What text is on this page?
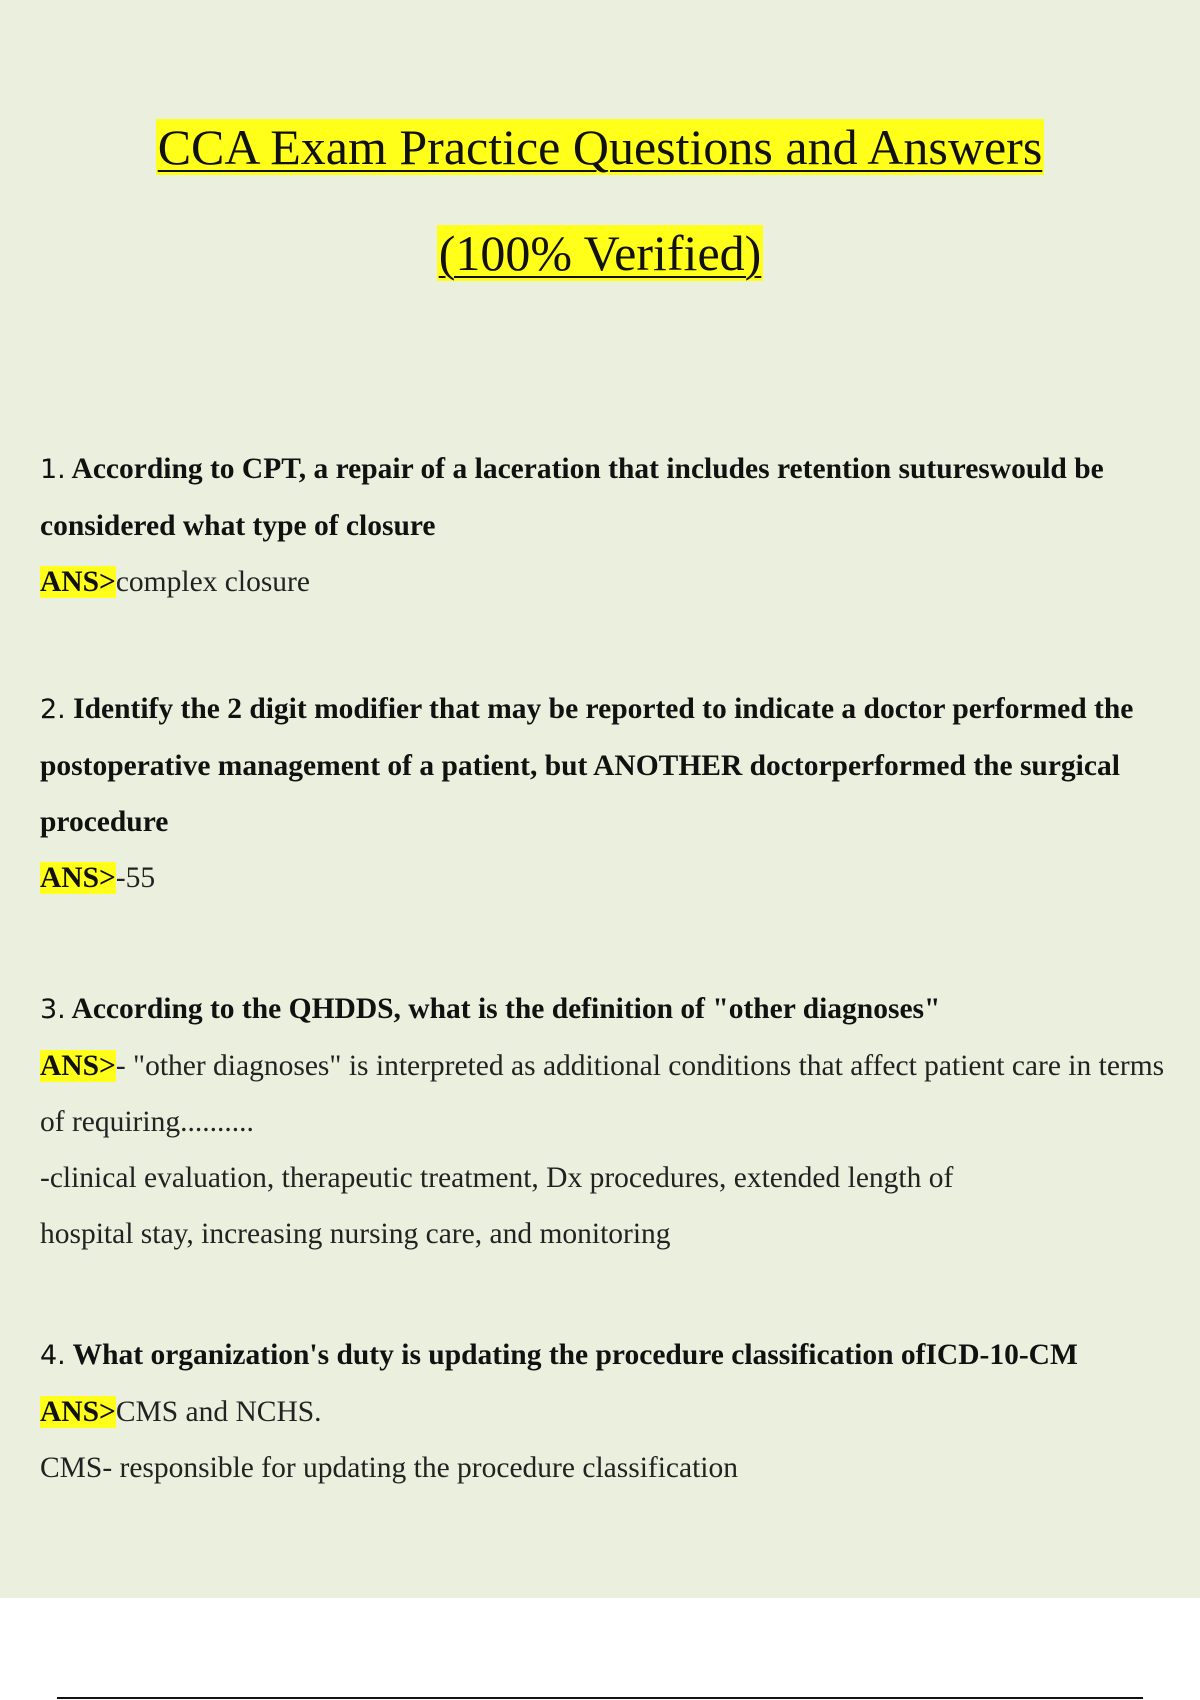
CCA Exam Practice Questions and Answers
(100% Verified)
1. According to CPT, a repair of a laceration that includes retention sutureswould be considered what type of closure
ANS>complex closure
2. Identify the 2 digit modifier that may be reported to indicate a doctor performed the postoperative management of a patient, but ANOTHER doctorperformed the surgical procedure
ANS>-55
3. According to the QHDDS, what is the definition of "other diagnoses"
ANS>- "other diagnoses" is interpreted as additional conditions that affect patient care in terms of requiring..........
-clinical evaluation, therapeutic treatment, Dx procedures, extended length of hospital stay, increasing nursing care, and monitoring
4. What organization's duty is updating the procedure classification ofICD-10-CM
ANS>CMS and NCHS.
CMS- responsible for updating the procedure classification
